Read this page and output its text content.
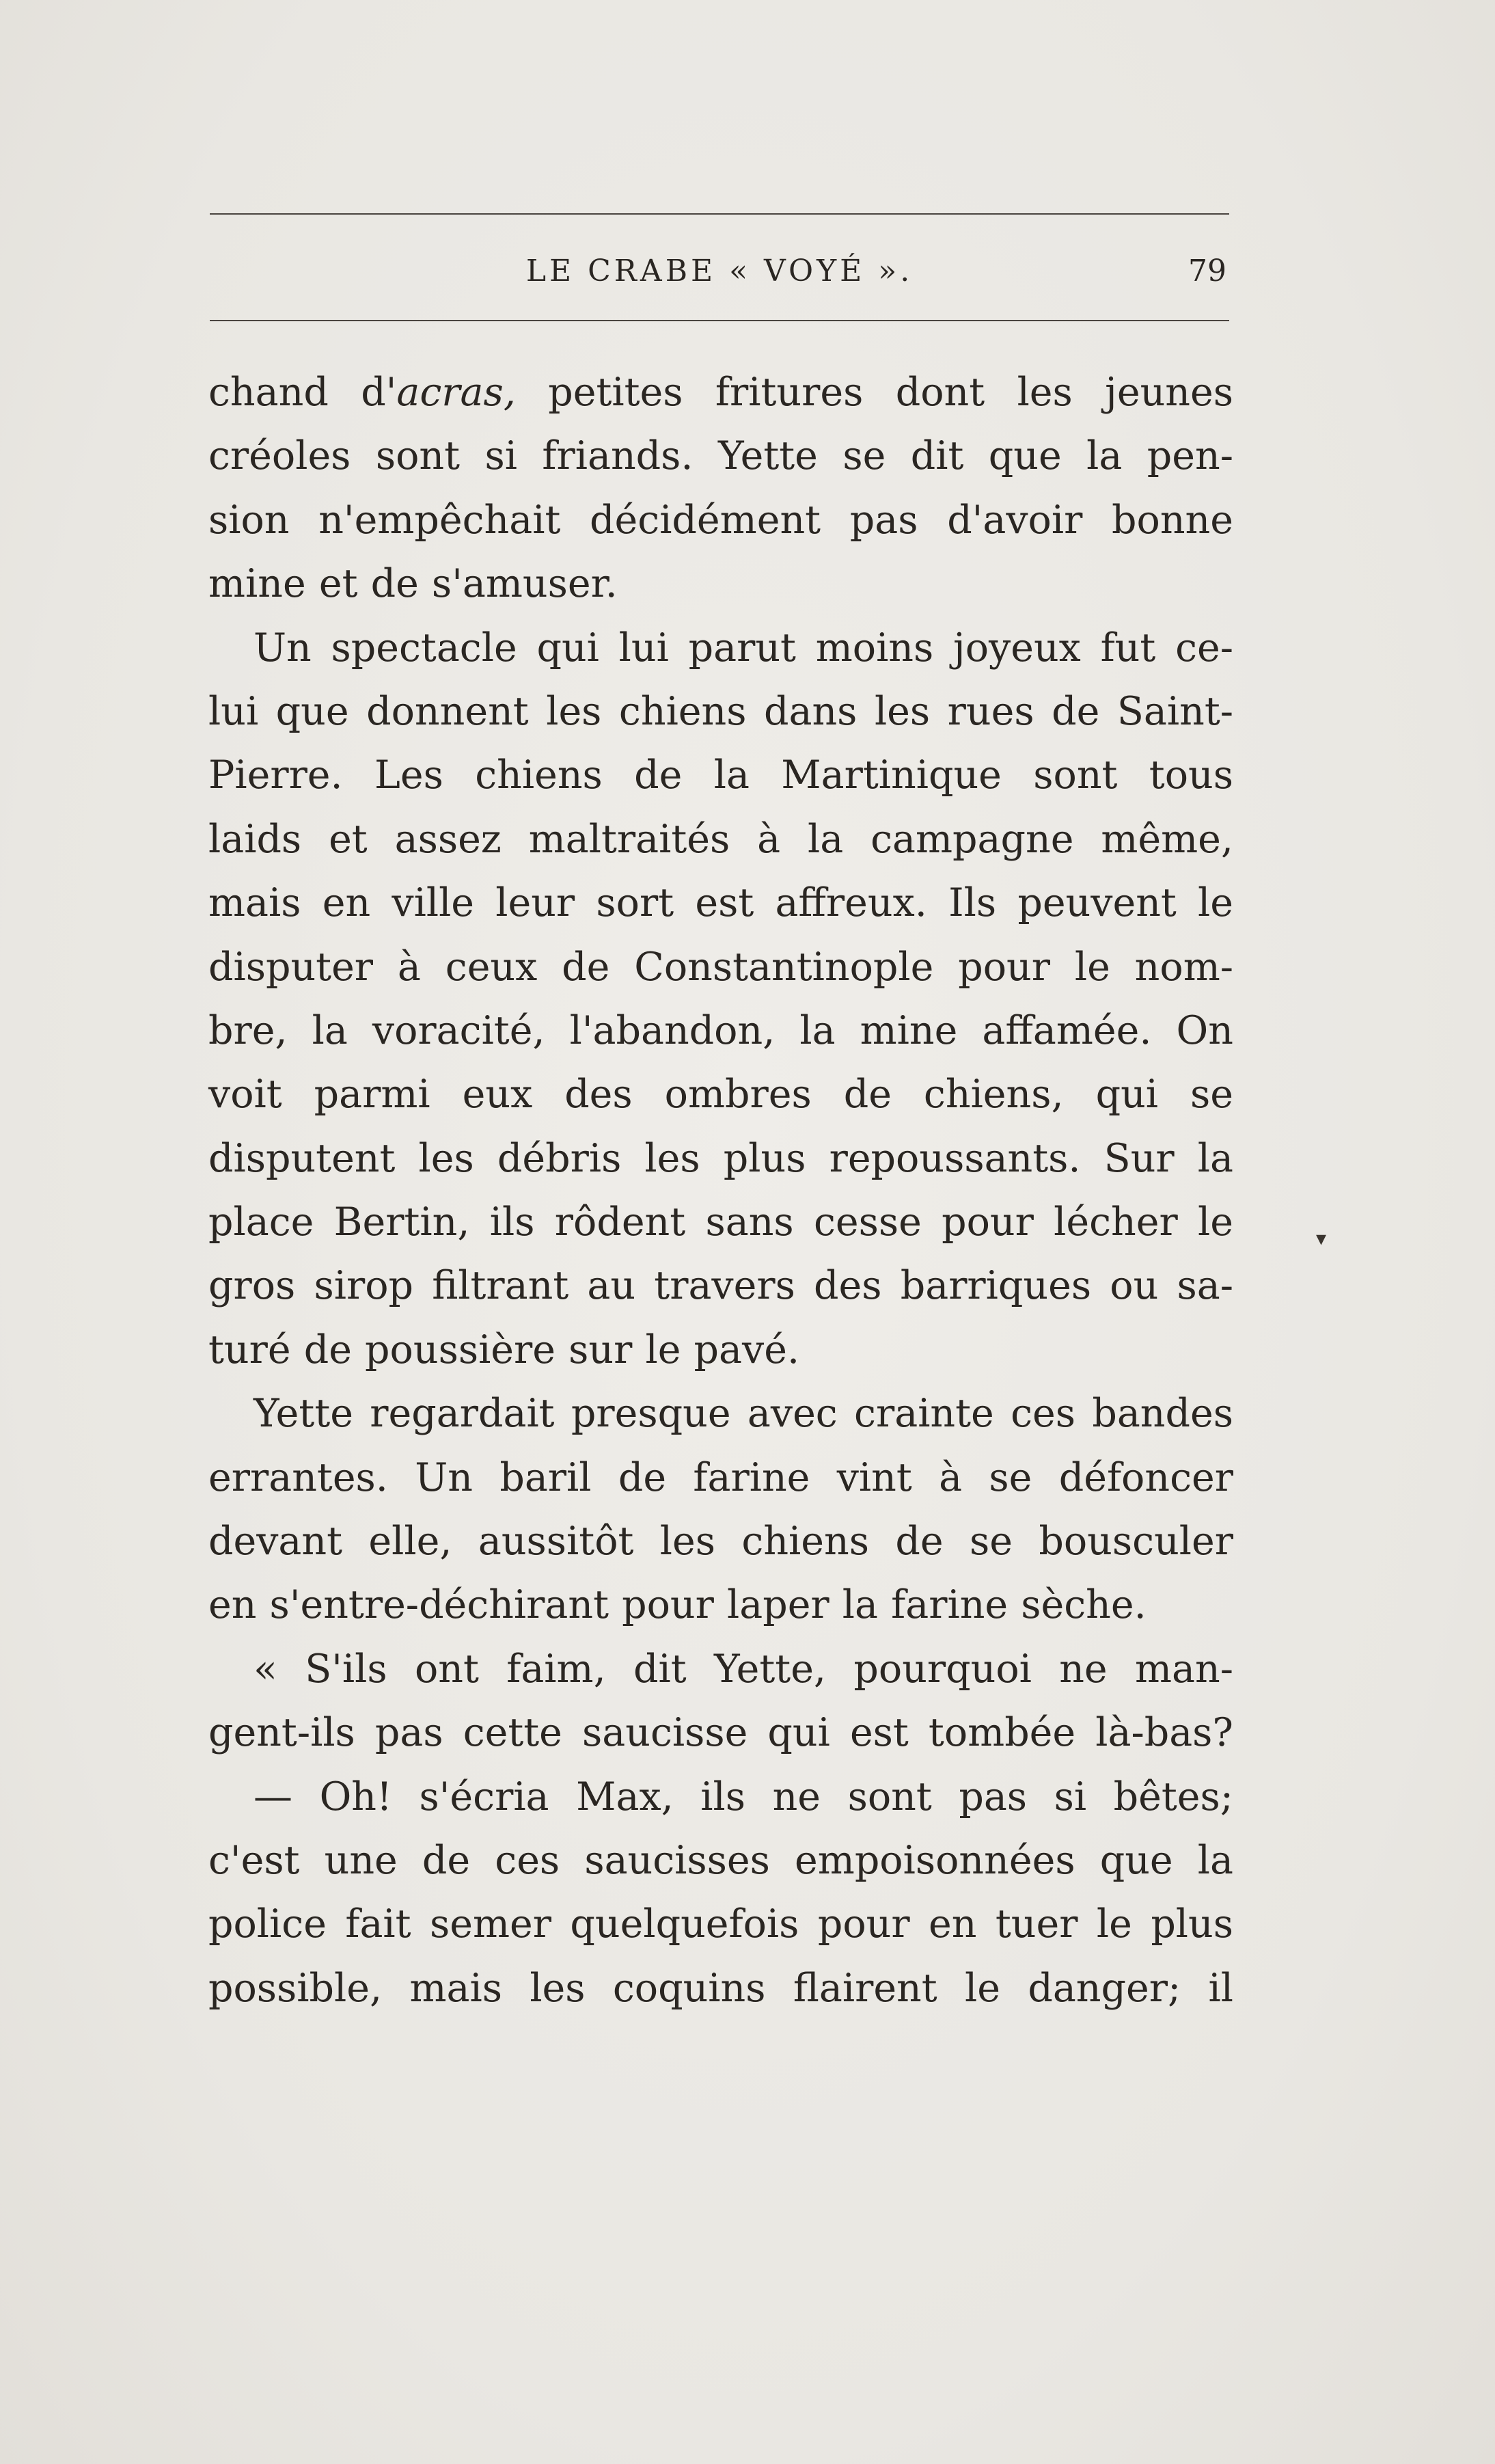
LE CRABE « VOYÉ ».	79
chand d'acras, petites fritures dont les jeunes
créoles sont si friands. Yette se dit que la pen-
sion n'empêchait décidément pas d'avoir bonne
mine et de s'amuser.
Un spectacle qui lui parut moins joyeux fut ce-
lui que donnent les chiens dans les rues de Saint-
Pierre. Les chiens de la Martinique sont tous
laids et assez maltraités à la campagne même,
mais en ville leur sort est affreux. Ils peuvent le
disputer à ceux de Constantinople pour le nom-
bre, la voracité, l'abandon, la mine affamée. On
voit parmi eux des ombres de chiens, qui se
disputent les débris les plus repoussants. Sur la
place Bertin, ils rôdent sans cesse pour lécher le
gros sirop filtrant au travers des barriques ou sa-
turé de poussière sur le pavé.
Yette regardait presque avec crainte ces bandes
errantes. Un baril de farine vint à se défoncer
devant elle, aussitôt les chiens de se bousculer
en s'entre-déchirant pour laper la farine sèche.
« S'ils ont faim, dit Yette, pourquoi ne man-
gent-ils pas cette saucisse qui est tombée là-bas?
— Oh! s'écria Max, ils ne sont pas si bêtes;
c'est une de ces saucisses empoisonnées que la
police fait semer quelquefois pour en tuer le plus
possible, mais les coquins flairent le danger; il
▾
